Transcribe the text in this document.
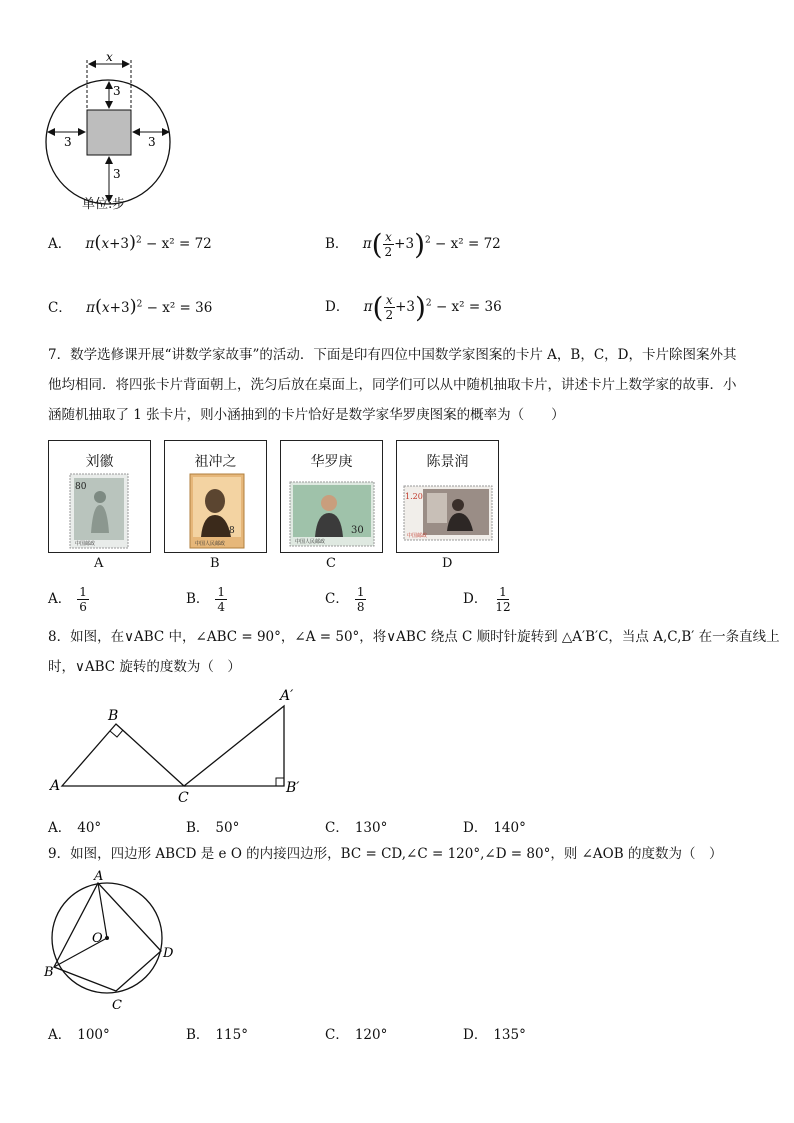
x
3
3
3	3
单位:步
A． $\pi(x+3)^2 - x^2 = 72$	B． $\pi( \frac{x}{2} +3)^2 - x^2 = 72$
C． $\pi(x+3)^2 - x^2 = 36$	D． $\pi( \frac{x}{2} +3)^2 - x^2 = 36$
7．数学选修课开展“讲数学家故事”的活动．下面是印有四位中国数学家图案的卡片 A，B，C，D，卡片除图案外其
他均相同．将四张卡片背面朝上，洗匀后放在桌面上，同学们可以从中随机抽取卡片，讲述卡片上数学家的故事．小
涵随机抽取了 1 张卡片，则小涵抽到的卡片恰好是数学家华罗庚图案的概率为（　　）
刘徽
80
中国邮政
A
祖冲之
8
中国人民邮政
B
华罗庚
30
中国人民邮政
C
陈景润
1.20
中国邮政
D
A． $\frac{1}{6}$	B． $\frac{1}{4}$	C． $\frac{1}{8}$	D． $\frac{1}{12}$
8．如图，在∨ABC 中，∠ABC = 90°，∠A = 50°，将∨ABC 绕点 C 顺时针旋转到 △A′B′C，当点 A,C,B′ 在一条直线上
时，∨ABC 旋转的度数为（　）
A
B
C
A′
B′
A． 40°	B． 50°	C． 130°	D． 140°
9．如图，四边形 ABCD 是 e O 的内接四边形，BC = CD,∠C = 120°,∠D = 80°，则 ∠AOB 的度数为（　）
A
B
C
D
O
A． 100°	B． 115°	C． 120°	D． 135°
